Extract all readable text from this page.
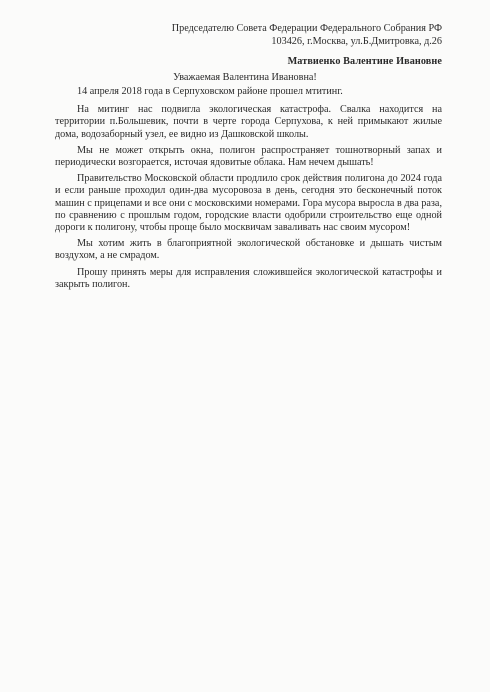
Председателю Совета Федерации Федерального Собрания РФ
103426, г.Москва, ул.Б.Дмитровка, д.26
Матвиенко Валентине Ивановне
Уважаемая Валентина Ивановна!

14 апреля 2018 года в Серпуховском районе прошел мтитинг.

На митинг нас подвигла экологическая катастрофа. Свалка находится на территории п.Большевик, почти в черте города Серпухова, к ней примыкают жилые дома, водозаборный узел, ее видно из Дашковской школы.

Мы не может открыть окна, полигон распространяет тошнотворный запах и периодически возгорается, источая ядовитые облака. Нам нечем дышать!

Правительство Московской области продлило срок действия полигона до 2024 года и если раньше проходил один-два мусоровоза в день, сегодня это бесконечный поток машин с прицепами и все они с московскими номерами. Гора мусора выросла в два раза, по сравнению с прошлым годом, городские власти одобрили строительство еще одной дороги к полигону, чтобы проще было москвичам заваливать нас своим мусором!

Мы хотим жить в благоприятной экологической обстановке и дышать чистым воздухом, а не смрадом.

Прошу принять меры для исправления сложившейся экологической катастрофы и закрыть полигон.
